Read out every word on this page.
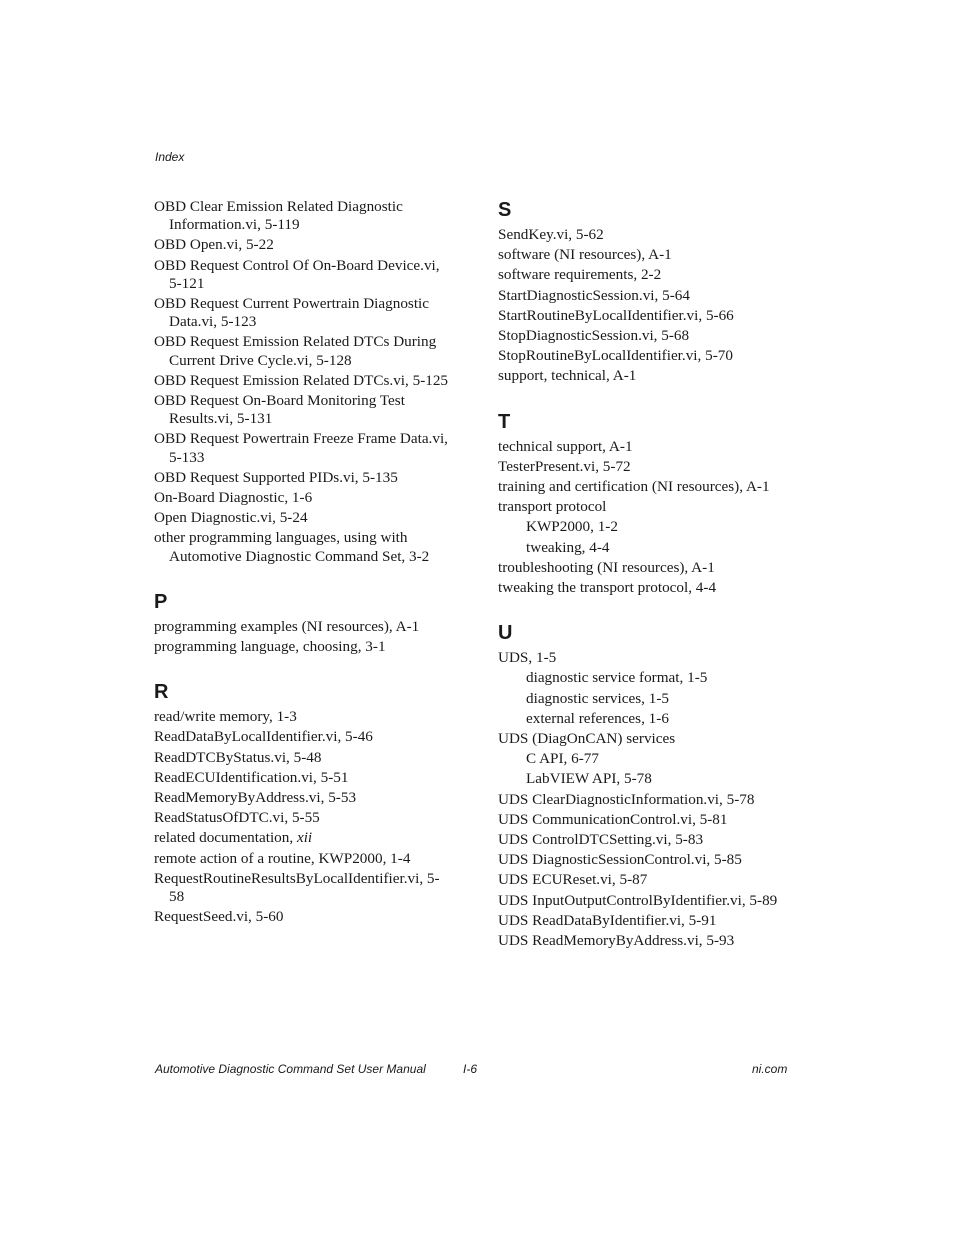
Index
OBD Clear Emission Related Diagnostic Information.vi, 5-119
OBD Open.vi, 5-22
OBD Request Control Of On-Board Device.vi, 5-121
OBD Request Current Powertrain Diagnostic Data.vi, 5-123
OBD Request Emission Related DTCs During Current Drive Cycle.vi, 5-128
OBD Request Emission Related DTCs.vi, 5-125
OBD Request On-Board Monitoring Test Results.vi, 5-131
OBD Request Powertrain Freeze Frame Data.vi, 5-133
OBD Request Supported PIDs.vi, 5-135
On-Board Diagnostic, 1-6
Open Diagnostic.vi, 5-24
other programming languages, using with Automotive Diagnostic Command Set, 3-2
P
programming examples (NI resources), A-1
programming language, choosing, 3-1
R
read/write memory, 1-3
ReadDataByLocalIdentifier.vi, 5-46
ReadDTCByStatus.vi, 5-48
ReadECUIdentification.vi, 5-51
ReadMemoryByAddress.vi, 5-53
ReadStatusOfDTC.vi, 5-55
related documentation, xii
remote action of a routine, KWP2000, 1-4
RequestRoutineResultsByLocalIdentifier.vi, 5-58
RequestSeed.vi, 5-60
S
SendKey.vi, 5-62
software (NI resources), A-1
software requirements, 2-2
StartDiagnosticSession.vi, 5-64
StartRoutineByLocalIdentifier.vi, 5-66
StopDiagnosticSession.vi, 5-68
StopRoutineByLocalIdentifier.vi, 5-70
support, technical, A-1
T
technical support, A-1
TesterPresent.vi, 5-72
training and certification (NI resources), A-1
transport protocol
KWP2000, 1-2
tweaking, 4-4
troubleshooting (NI resources), A-1
tweaking the transport protocol, 4-4
U
UDS, 1-5
diagnostic service format, 1-5
diagnostic services, 1-5
external references, 1-6
UDS (DiagOnCAN) services
C API, 6-77
LabVIEW API, 5-78
UDS ClearDiagnosticInformation.vi, 5-78
UDS CommunicationControl.vi, 5-81
UDS ControlDTCSetting.vi, 5-83
UDS DiagnosticSessionControl.vi, 5-85
UDS ECUReset.vi, 5-87
UDS InputOutputControlByIdentifier.vi, 5-89
UDS ReadDataByIdentifier.vi, 5-91
UDS ReadMemoryByAddress.vi, 5-93
Automotive Diagnostic Command Set User Manual	I-6	ni.com
